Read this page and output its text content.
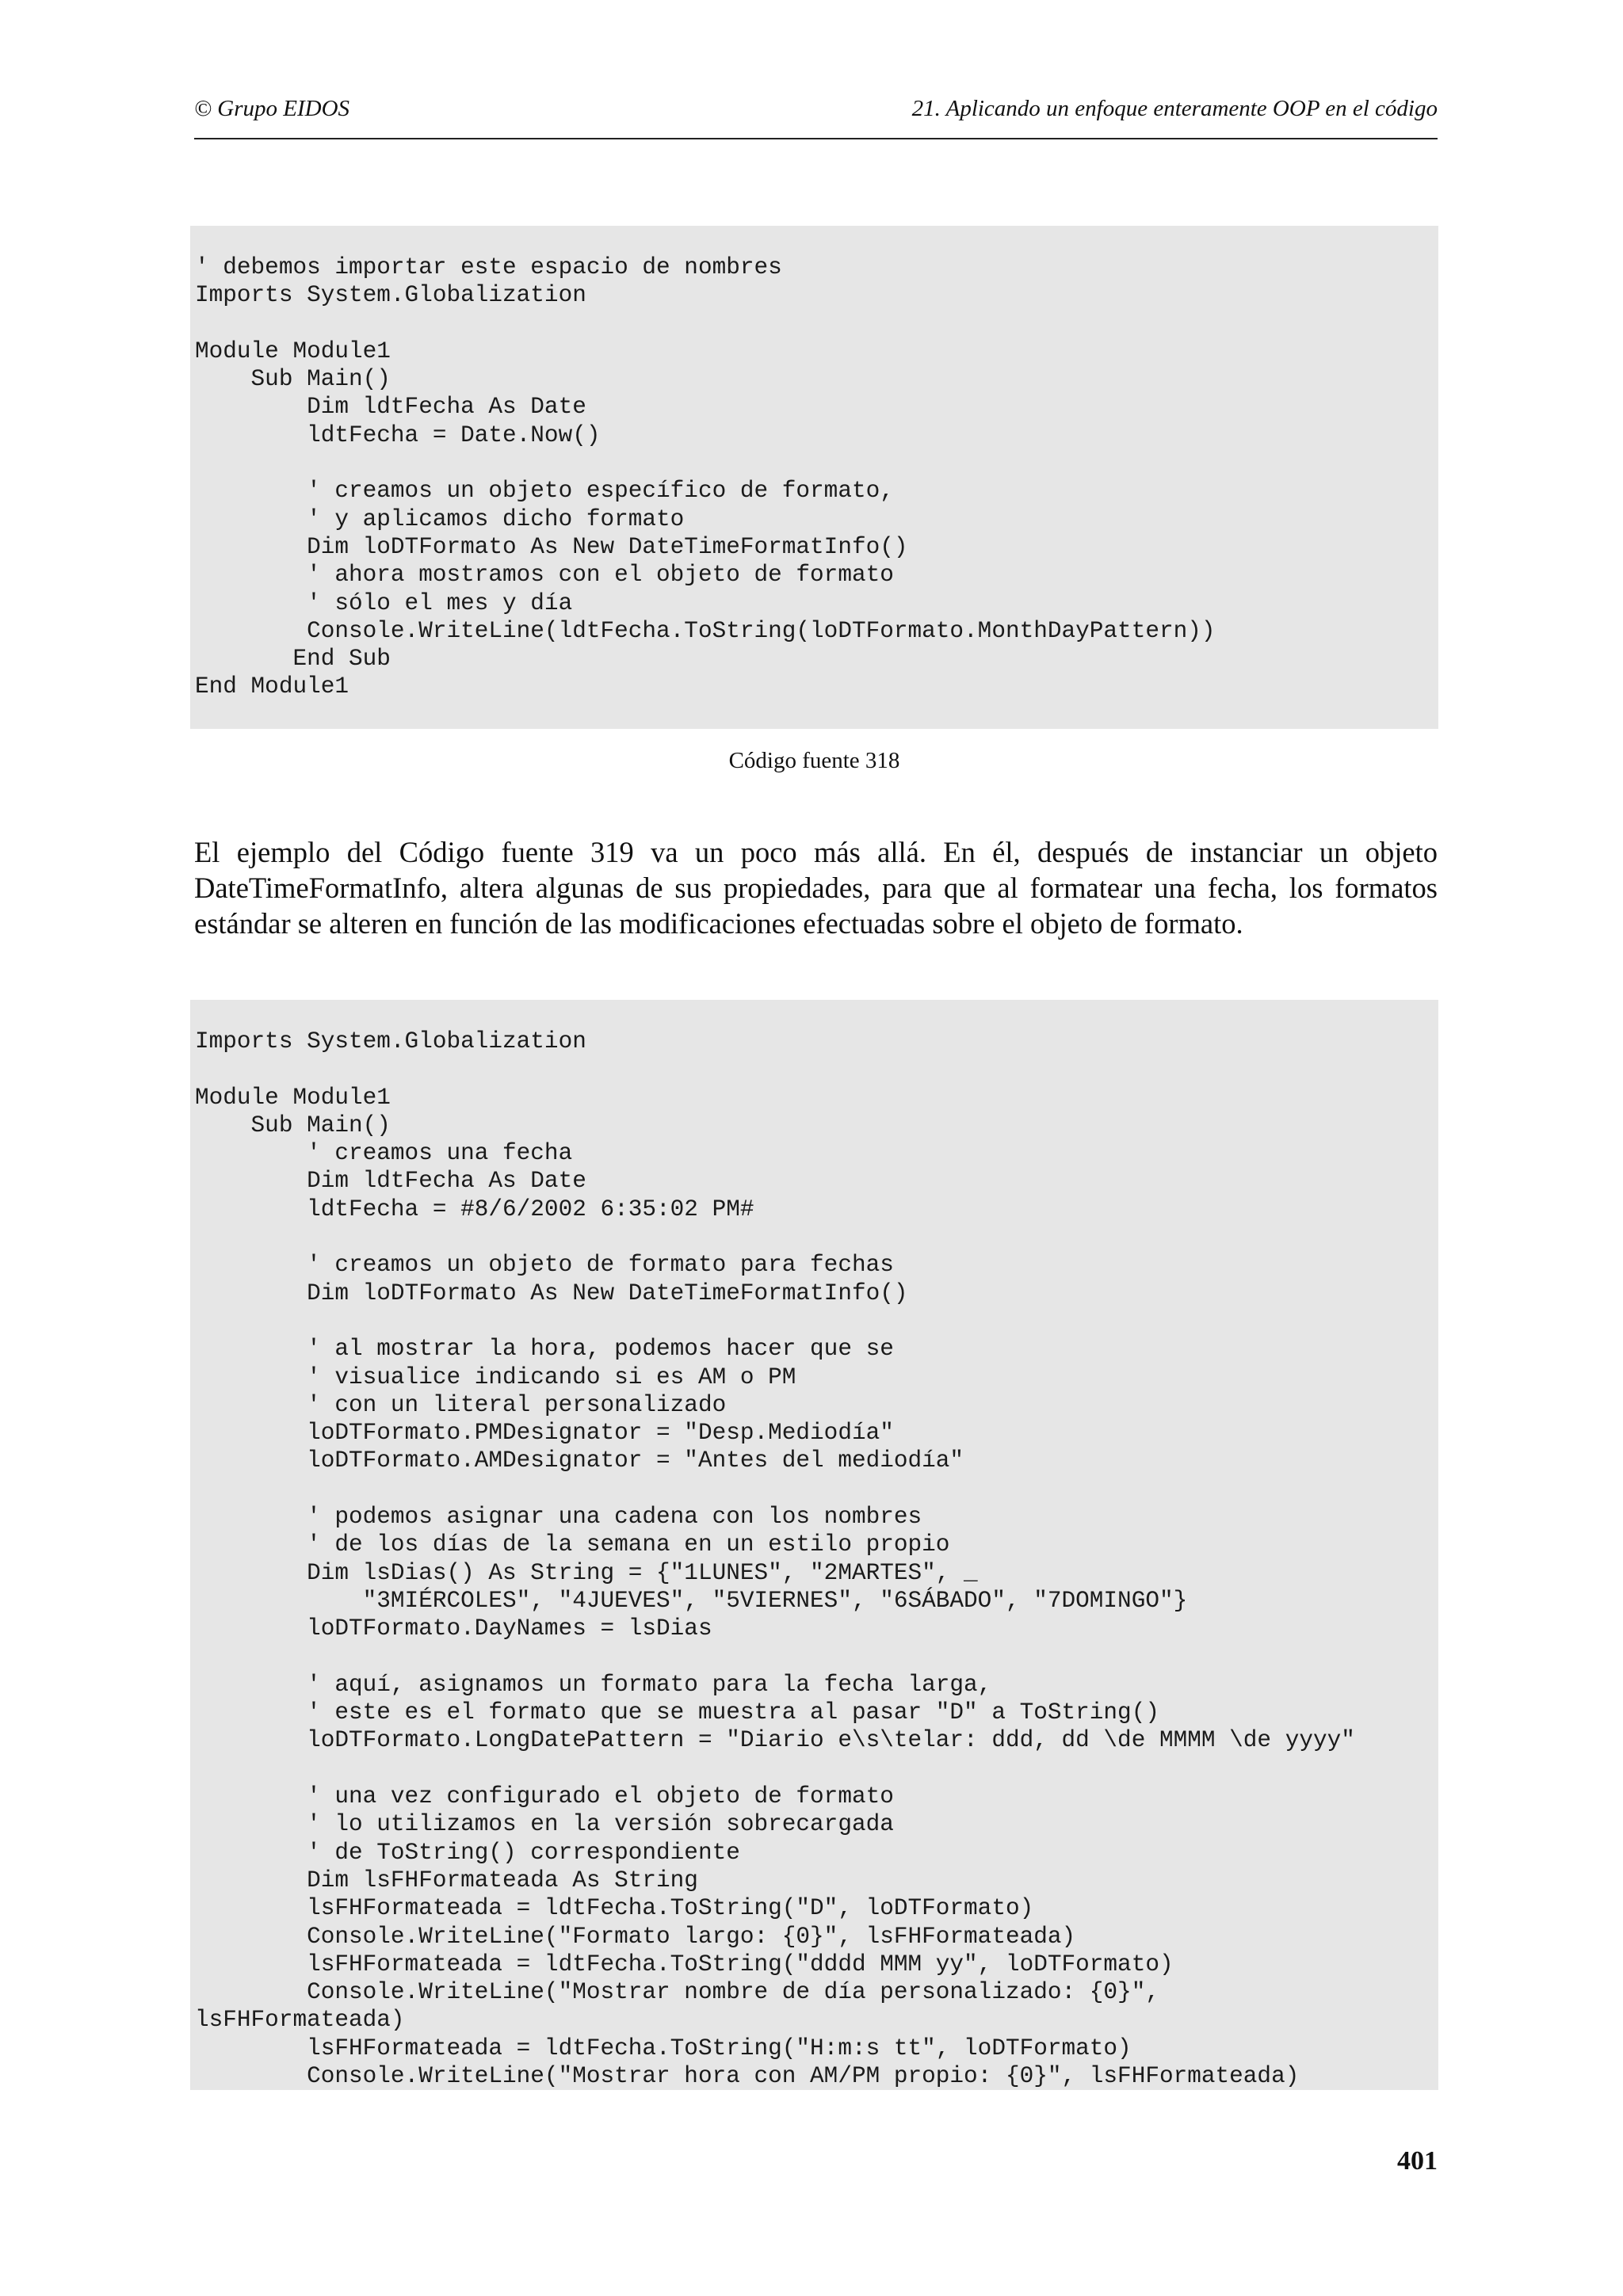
© Grupo EIDOS	21. Aplicando un enfoque enteramente OOP en el código
' debemos importar este espacio de nombres
Imports System.Globalization

Module Module1
Sub Main()
Dim ldtFecha As Date
ldtFecha = Date.Now()

' creamos un objeto específico de formato,
' y aplicamos dicho formato
Dim loDTFormato As New DateTimeFormatInfo()
' ahora mostramos con el objeto de formato
' sólo el mes y día
Console.WriteLine(ldtFecha.ToString(loDTFormato.MonthDayPattern))
End Sub
End Module1
Código fuente 318

El ejemplo del Código fuente 319 va un poco más allá. En él, después de instanciar un objeto DateTimeFormatInfo, altera algunas de sus propiedades, para que al formatear una fecha, los formatos estándar se alteren en función de las modificaciones efectuadas sobre el objeto de formato.

Imports System.Globalization

Module Module1
Sub Main()
' creamos una fecha
Dim ldtFecha As Date
ldtFecha = #8/6/2002 6:35:02 PM#

' creamos un objeto de formato para fechas
Dim loDTFormato As New DateTimeFormatInfo()

' al mostrar la hora, podemos hacer que se
' visualice indicando si es AM o PM
' con un literal personalizado
loDTFormato.PMDesignator = "Desp.Mediodía"
loDTFormato.AMDesignator = "Antes del mediodía"

' podemos asignar una cadena con los nombres
' de los días de la semana en un estilo propio
Dim lsDias() As String = {"1LUNES", "2MARTES", _
"3MIÉRCOLES", "4JUEVES", "5VIERNES", "6SÁBADO", "7DOMINGO"}
loDTFormato.DayNames = lsDias

' aquí, asignamos un formato para la fecha larga,
' este es el formato que se muestra al pasar "D" a ToString()
loDTFormato.LongDatePattern = "Diario e\s\telar: ddd, dd \de MMMM \de yyyy"

' una vez configurado el objeto de formato
' lo utilizamos en la versión sobrecargada
' de ToString() correspondiente
Dim lsFHFormateada As String
lsFHFormateada = ldtFecha.ToString("D", loDTFormato)
Console.WriteLine("Formato largo: {0}", lsFHFormateada)
lsFHFormateada = ldtFecha.ToString("dddd MMM yy", loDTFormato)
Console.WriteLine("Mostrar nombre de día personalizado: {0}",
lsFHFormateada)
lsFHFormateada = ldtFecha.ToString("H:m:s tt", loDTFormato)
Console.WriteLine("Mostrar hora con AM/PM propio: {0}", lsFHFormateada)
401
